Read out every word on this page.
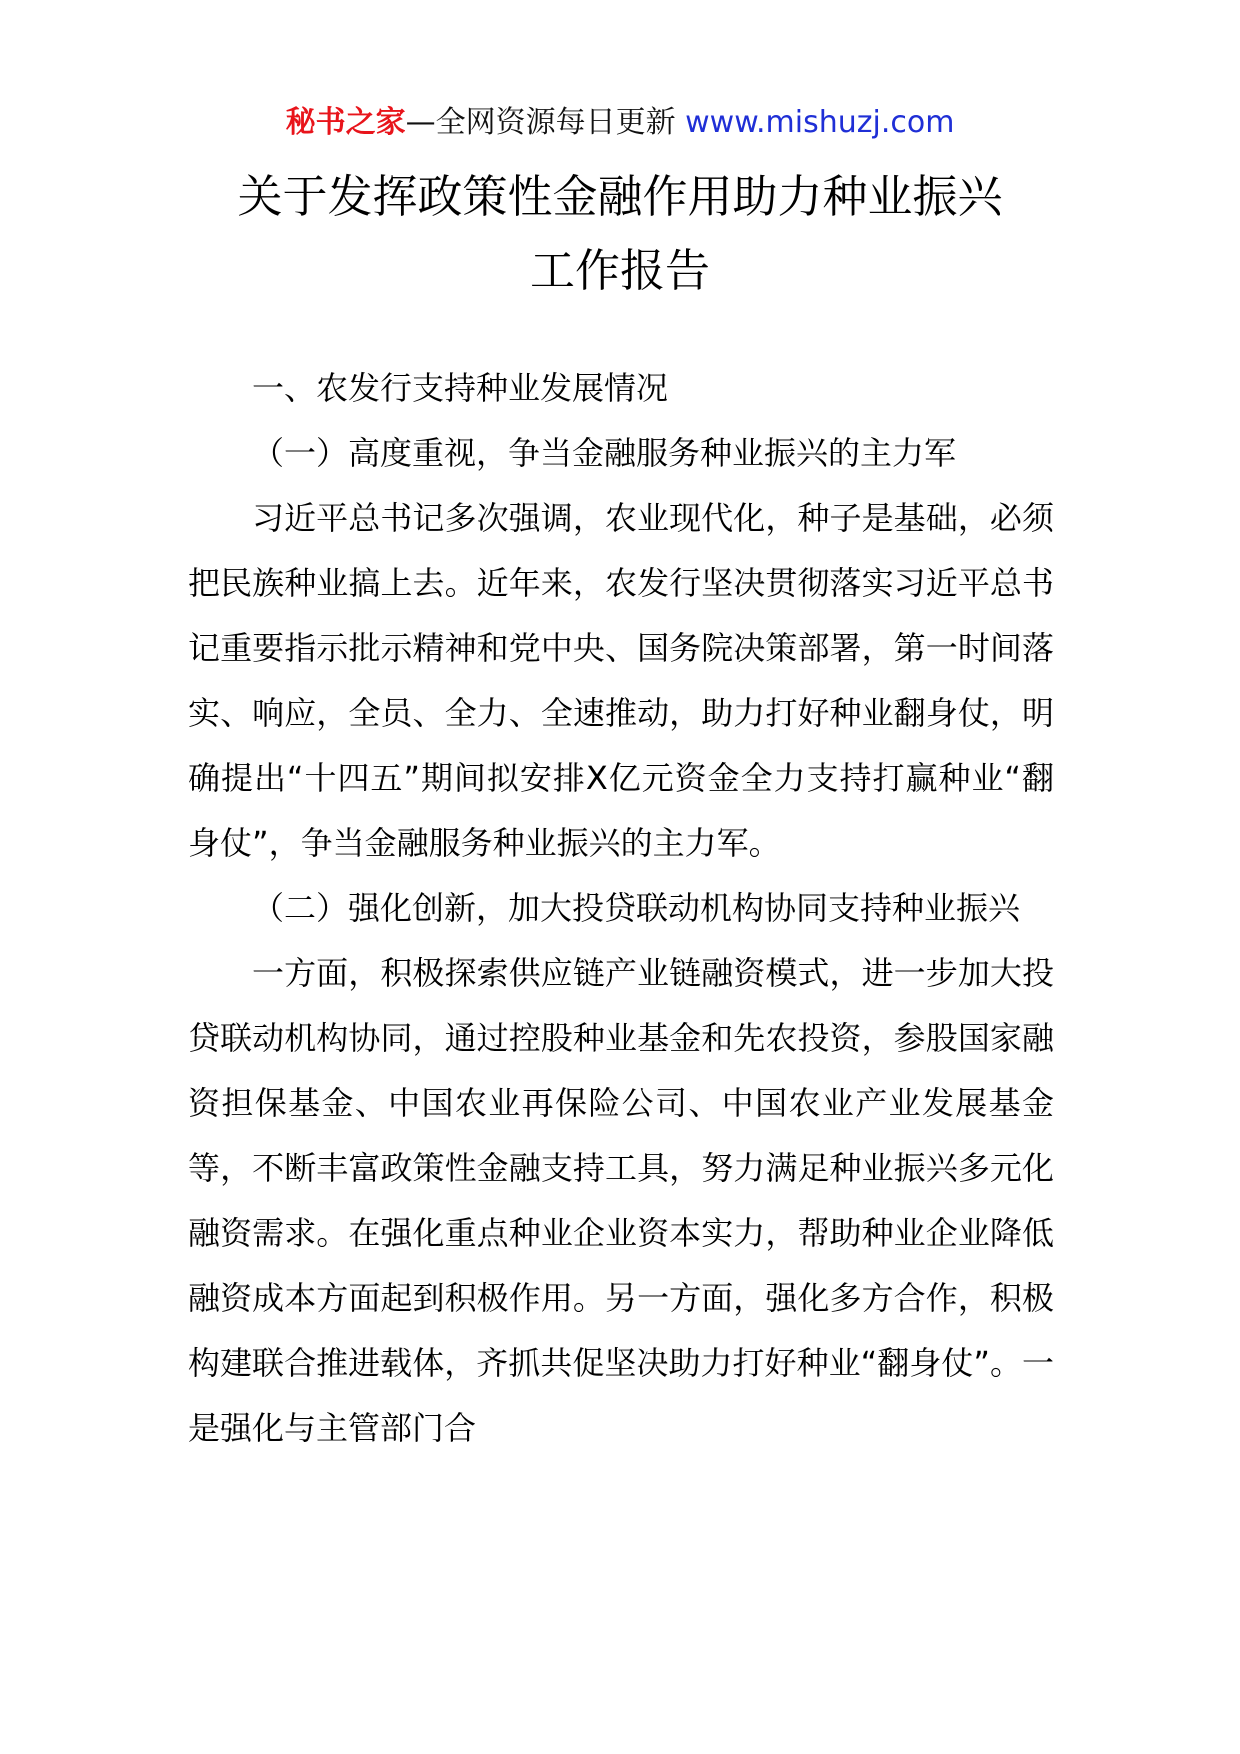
秘书之家—全网资源每日更新 www.mishuzj.com
关于发挥政策性金融作用助力种业振兴
工作报告

一、农发行支持种业发展情况

（一）高度重视，争当金融服务种业振兴的主力军

习近平总书记多次强调，农业现代化，种子是基础，必须把民族种业搞上去。近年来，农发行坚决贯彻落实习近平总书记重要指示批示精神和党中央、国务院决策部署，第一时间落实、响应，全员、全力、全速推动，助力打好种业翻身仗，明确提出“十四五”期间拟安排X亿元资金全力支持打赢种业“翻身仗”，争当金融服务种业振兴的主力军。

（二）强化创新，加大投贷联动机构协同支持种业振兴

一方面，积极探索供应链产业链融资模式，进一步加大投贷联动机构协同，通过控股种业基金和先农投资，参股国家融资担保基金、中国农业再保险公司、中国农业产业发展基金等，不断丰富政策性金融支持工具，努力满足种业振兴多元化融资需求。在强化重点种业企业资本实力，帮助种业企业降低融资成本方面起到积极作用。另一方面，强化多方合作，积极构建联合推进载体，齐抓共促坚决助力打好种业“翻身仗”。一是强化与主管部门合
